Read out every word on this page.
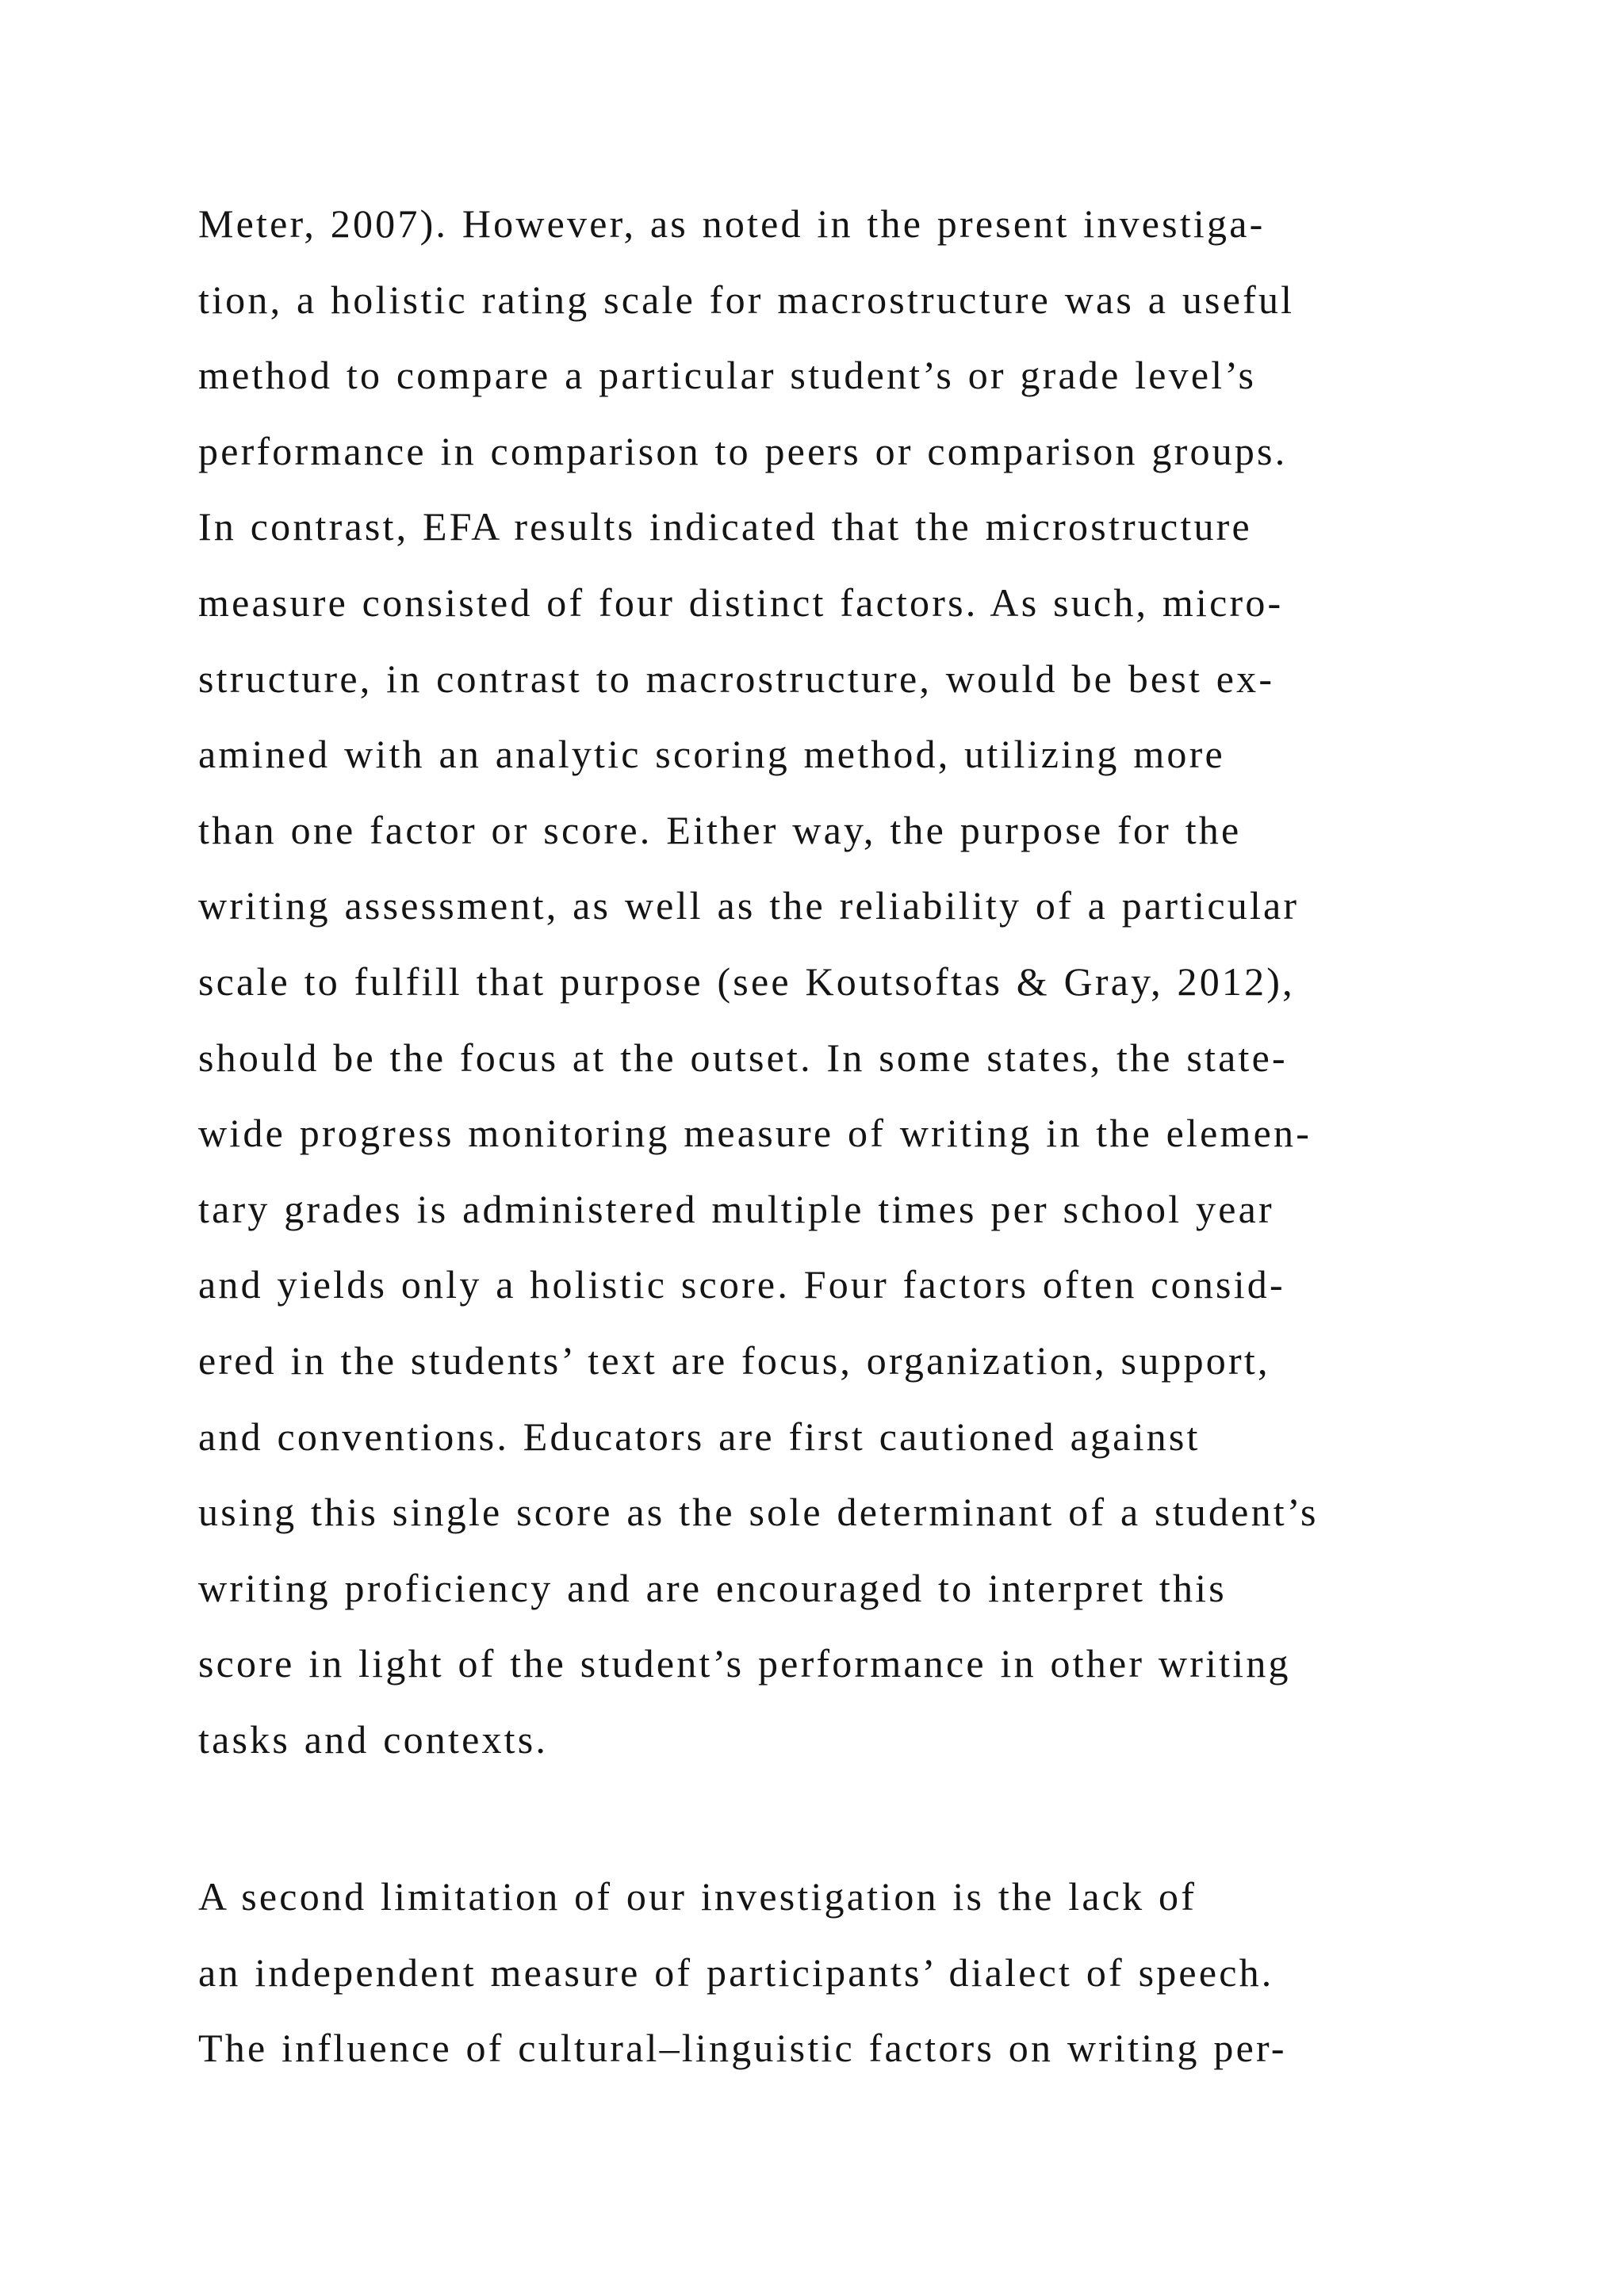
Meter, 2007). However, as noted in the present investiga-
tion, a holistic rating scale for macrostructure was a useful
method to compare a particular student’s or grade level’s
performance in comparison to peers or comparison groups.
In contrast, EFA results indicated that the microstructure
measure consisted of four distinct factors. As such, micro-
structure, in contrast to macrostructure, would be best ex-
amined with an analytic scoring method, utilizing more
than one factor or score. Either way, the purpose for the
writing assessment, as well as the reliability of a particular
scale to fulfill that purpose (see Koutsoftas & Gray, 2012),
should be the focus at the outset. In some states, the state-
wide progress monitoring measure of writing in the elemen-
tary grades is administered multiple times per school year
and yields only a holistic score. Four factors often consid-
ered in the students’ text are focus, organization, support,
and conventions. Educators are first cautioned against
using this single score as the sole determinant of a student’s
writing proficiency and are encouraged to interpret this
score in light of the student’s performance in other writing
tasks and contexts.
A second limitation of our investigation is the lack of
an independent measure of participants’ dialect of speech.
The influence of cultural–linguistic factors on writing per-
